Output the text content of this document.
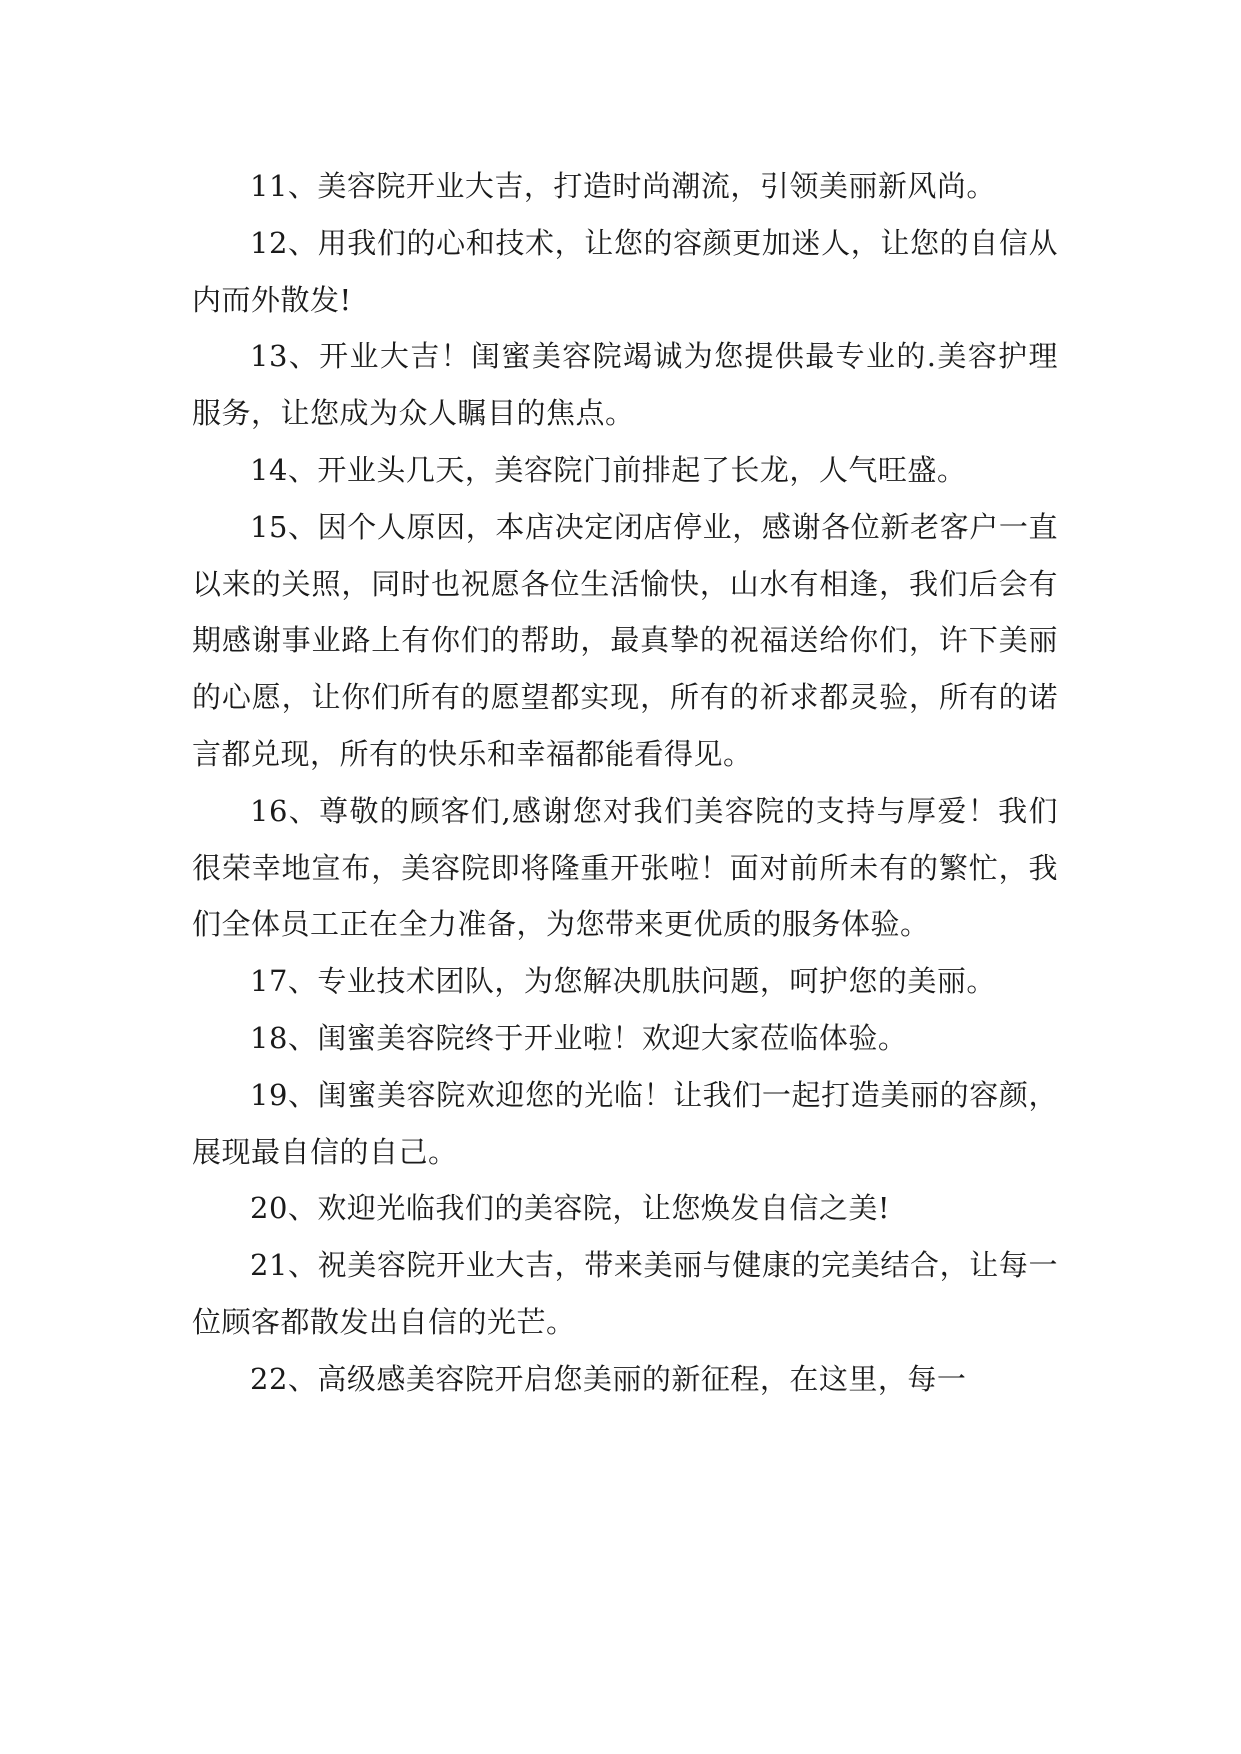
11、美容院开业大吉，打造时尚潮流，引领美丽新风尚。

12、用我们的心和技术，让您的容颜更加迷人，让您的自信从内而外散发!

13、开业大吉！闺蜜美容院竭诚为您提供最专业的.美容护理服务，让您成为众人瞩目的焦点。

14、开业头几天，美容院门前排起了长龙，人气旺盛。

15、因个人原因，本店决定闭店停业，感谢各位新老客户一直以来的关照，同时也祝愿各位生活愉快，山水有相逢，我们后会有期感谢事业路上有你们的帮助，最真挚的祝福送给你们，许下美丽的心愿，让你们所有的愿望都实现，所有的祈求都灵验，所有的诺言都兑现，所有的快乐和幸福都能看得见。

16、尊敬的顾客们,感谢您对我们美容院的支持与厚爱！我们很荣幸地宣布，美容院即将隆重开张啦！面对前所未有的繁忙，我们全体员工正在全力准备，为您带来更优质的服务体验。

17、专业技术团队，为您解决肌肤问题，呵护您的美丽。

18、闺蜜美容院终于开业啦！欢迎大家莅临体验。

19、闺蜜美容院欢迎您的光临！让我们一起打造美丽的容颜，展现最自信的自己。

20、欢迎光临我们的美容院，让您焕发自信之美!

21、祝美容院开业大吉，带来美丽与健康的完美结合，让每一位顾客都散发出自信的光芒。

22、高级感美容院开启您美丽的新征程，在这里，每一
